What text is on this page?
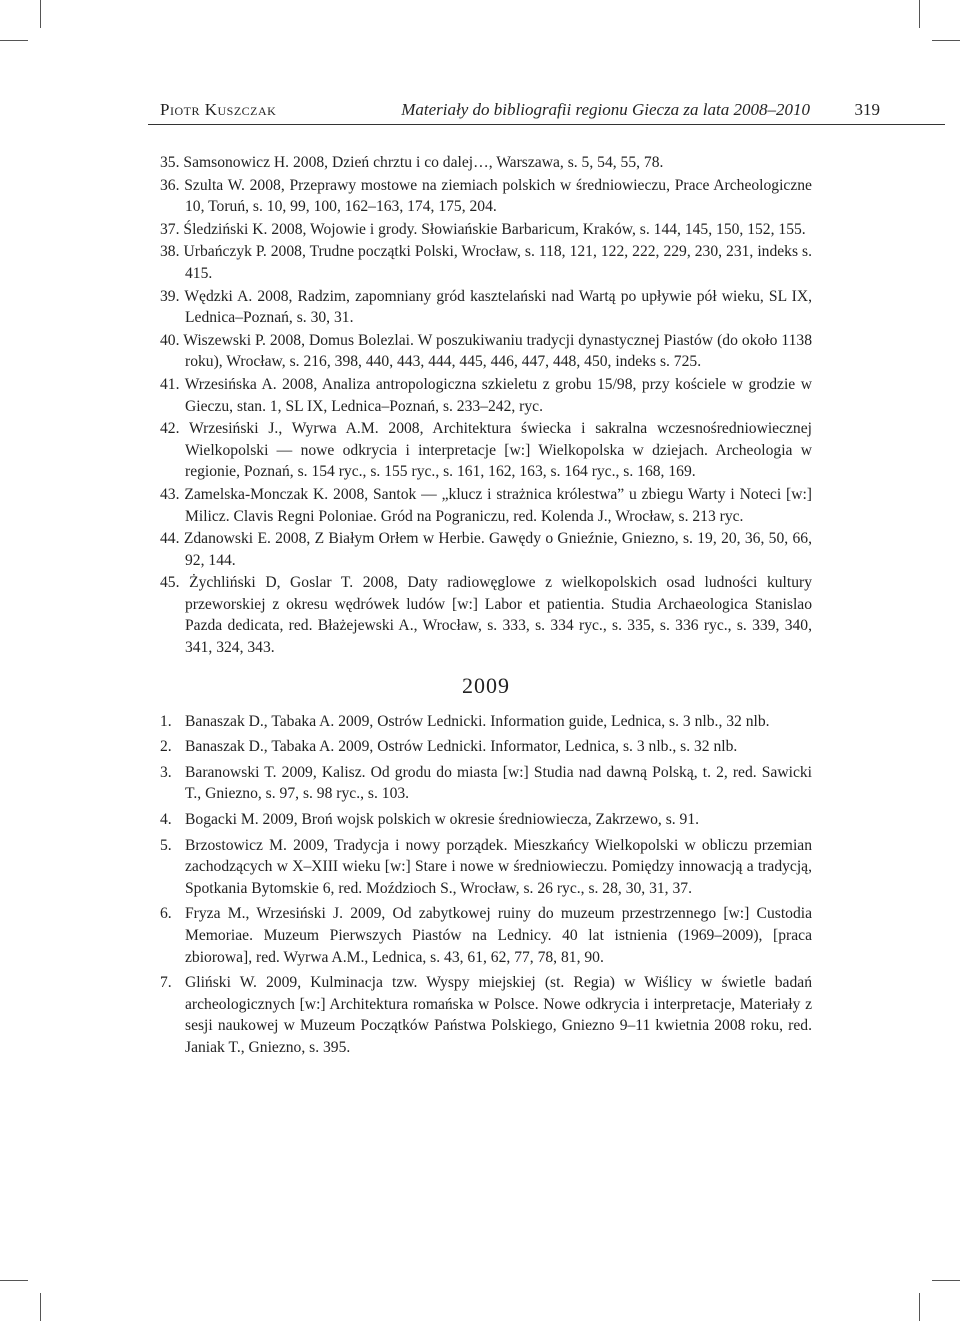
Piotr Kuszczak	Materiały do bibliografii regionu Giecza za lata 2008–2010	319

35. Samsonowicz H. 2008, Dzień chrztu i co dalej…, Warszawa, s. 5, 54, 55, 78.

36. Szulta W. 2008, Przeprawy mostowe na ziemiach polskich w średniowieczu, Prace Archeologiczne 10, Toruń, s. 10, 99, 100, 162–163, 174, 175, 204.

37. Śledziński K. 2008, Wojowie i grody. Słowiańskie Barbaricum, Kraków, s. 144, 145, 150, 152, 155.

38. Urbańczyk P. 2008, Trudne początki Polski, Wrocław, s. 118, 121, 122, 222, 229, 230, 231, indeks s. 415.

39. Wędzki A. 2008, Radzim, zapomniany gród kasztelański nad Wartą po upływie pół wieku, SL IX, Lednica–Poznań, s. 30, 31.

40. Wiszewski P. 2008, Domus Bolezlai. W poszukiwaniu tradycji dynastycznej Piastów (do około 1138 roku), Wrocław, s. 216, 398, 440, 443, 444, 445, 446, 447, 448, 450, indeks s. 725.

41. Wrzesińska A. 2008, Analiza antropologiczna szkieletu z grobu 15/98, przy kościele w grodzie w Gieczu, stan. 1, SL IX, Lednica–Poznań, s. 233–242, ryc.

42. Wrzesiński J., Wyrwa A.M. 2008, Architektura świecka i sakralna wczesnośredniowiecznej Wielkopolski — nowe odkrycia i interpretacje [w:] Wielkopolska w dziejach. Archeologia w regionie, Poznań, s. 154 ryc., s. 155 ryc., s. 161, 162, 163, s. 164 ryc., s. 168, 169.

43. Zamelska-Monczak K. 2008, Santok — „klucz i strażnica królestwa” u zbiegu Warty i Noteci [w:] Milicz. Clavis Regni Poloniae. Gród na Pograniczu, red. Kolenda J., Wrocław, s. 213 ryc.

44. Zdanowski E. 2008, Z Białym Orłem w Herbie. Gawędy o Gnieźnie, Gniezno, s. 19, 20, 36, 50, 66, 92, 144.

45. Żychliński D, Goslar T. 2008, Daty radiowęglowe z wielkopolskich osad ludności kultury przeworskiej z okresu wędrówek ludów [w:] Labor et patientia. Studia Archaeologica Stanislao Pazda dedicata, red. Błażejewski A., Wrocław, s. 333, s. 334 ryc., s. 335, s. 336 ryc., s. 339, 340, 341, 324, 343.

2009

1. Banaszak D., Tabaka A. 2009, Ostrów Lednicki. Information guide, Lednica, s. 3 nlb., 32 nlb.

2. Banaszak D., Tabaka A. 2009, Ostrów Lednicki. Informator, Lednica, s. 3 nlb., s. 32 nlb.

3. Baranowski T. 2009, Kalisz. Od grodu do miasta [w:] Studia nad dawną Polską, t. 2, red. Sawicki T., Gniezno, s. 97, s. 98 ryc., s. 103.

4. Bogacki M. 2009, Broń wojsk polskich w okresie średniowiecza, Zakrzewo, s. 91.

5. Brzostowicz M. 2009, Tradycja i nowy porządek. Mieszkańcy Wielkopolski w obliczu przemian zachodzących w X–XIII wieku [w:] Stare i nowe w średniowieczu. Pomiędzy innowacją a tradycją, Spotkania Bytomskie 6, red. Moździoch S., Wrocław, s. 26 ryc., s. 28, 30, 31, 37.

6. Fryza M., Wrzesiński J. 2009, Od zabytkowej ruiny do muzeum przestrzennego [w:] Custodia Memoriae. Muzeum Pierwszych Piastów na Lednicy. 40 lat istnienia (1969–2009), [praca zbiorowa], red. Wyrwa A.M., Lednica, s. 43, 61, 62, 77, 78, 81, 90.

7. Gliński W. 2009, Kulminacja tzw. Wyspy miejskiej (st. Regia) w Wiślicy w świetle badań archeologicznych [w:] Architektura romańska w Polsce. Nowe odkrycia i interpretacje, Materiały z sesji naukowej w Muzeum Początków Państwa Polskiego, Gniezno 9–11 kwietnia 2008 roku, red. Janiak T., Gniezno, s. 395.
